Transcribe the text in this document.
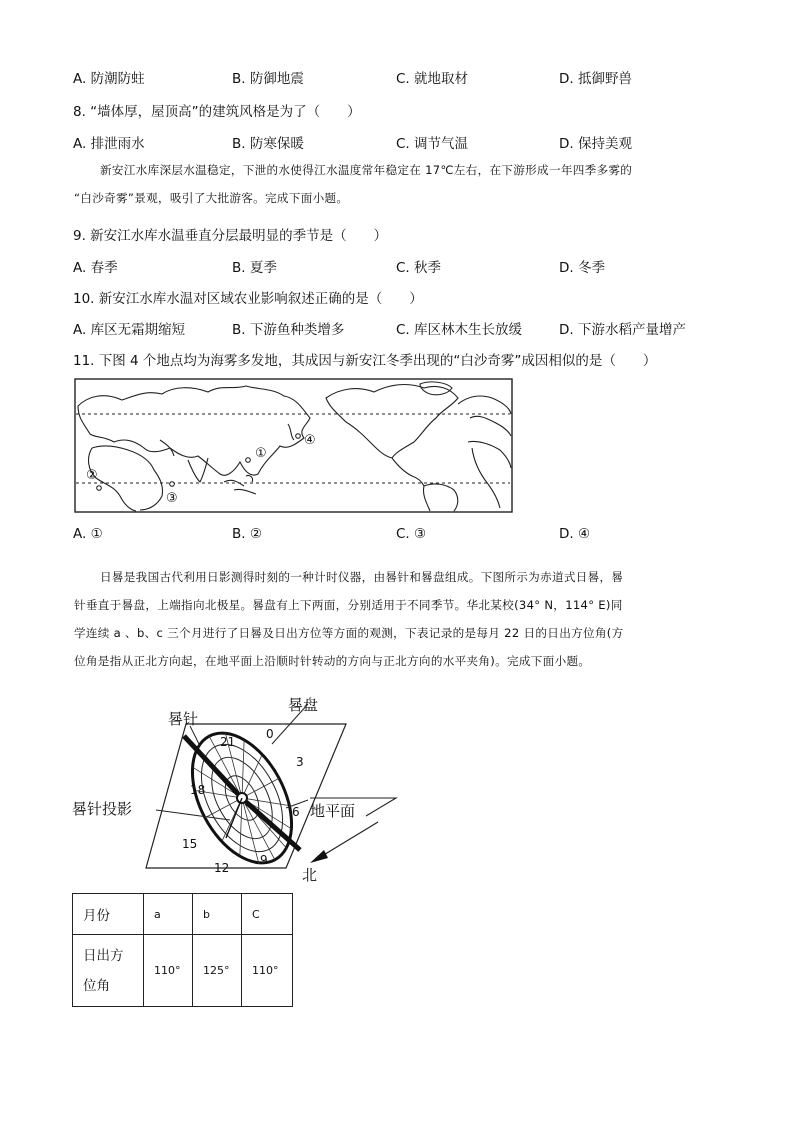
A. 防潮防蛀	B. 防御地震	C. 就地取材	D. 抵御野兽
8. “墙体厚，屋顶高”的建筑风格是为了（　　）
A. 排泄雨水	B. 防寒保暖	C. 调节气温	D. 保持美观
新安江水库深层水温稳定，下泄的水使得江水温度常年稳定在 17℃左右，在下游形成一年四季多雾的
“白沙奇雾”景观，吸引了大批游客。完成下面小题。
9. 新安江水库水温垂直分层最明显的季节是（　　）
A. 春季	B. 夏季	C. 秋季	D. 冬季
10. 新安江水库水温对区域农业影响叙述正确的是（　　）
A. 库区无霜期缩短	B. 下游鱼种类增多	C. 库区林木生长放缓	D. 下游水稻产量增产
11. 下图 4 个地点均为海雾多发地，其成因与新安江冬季出现的“白沙奇雾”成因相似的是（　　）
①
②
③
④
A. ①	B. ②	C. ③	D. ④
日晷是我国古代利用日影测得时刻的一种计时仪器，由晷针和晷盘组成。下图所示为赤道式日晷，晷
针垂直于晷盘，上端指向北极星。晷盘有上下两面，分别适用于不同季节。华北某校(34° N，114° E)同
学连续 a 、b、c 三个月进行了日晷及日出方位等方面的观测，下表记录的是每月 22 日的日出方位角(方
位角是指从正北方向起，在地平面上沿顺时针转动的方向与正北方向的水平夹角)。完成下面小题。
晷针
晷盘
晷针投影	地平面
北
0
3
6
9
12
15
18
21
月份	a	b	C

日出方
位角	110°	125°	110°
